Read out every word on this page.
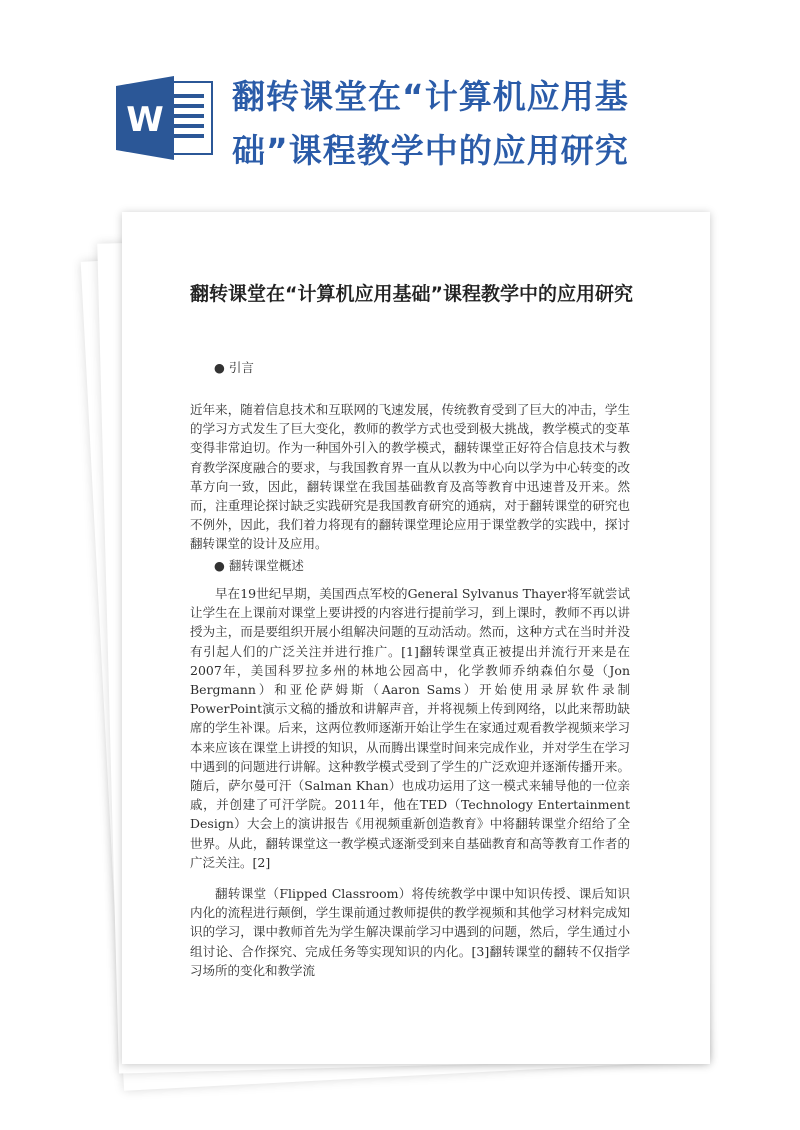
W
翻转课堂在“计算机应用基础”课程教学中的应用研究
翻转课堂在“计算机应用基础”课程教学中的应用研究
● 引言
近年来，随着信息技术和互联网的飞速发展，传统教育受到了巨大的冲击，学生的学习方式发生了巨大变化，教师的教学方式也受到极大挑战，教学模式的变革变得非常迫切。作为一种国外引入的教学模式，翻转课堂正好符合信息技术与教育教学深度融合的要求，与我国教育界一直从以教为中心向以学为中心转变的改革方向一致，因此，翻转课堂在我国基础教育及高等教育中迅速普及开来。然而，注重理论探讨缺乏实践研究是我国教育研究的通病，对于翻转课堂的研究也不例外，因此，我们着力将现有的翻转课堂理论应用于课堂教学的实践中，探讨翻转课堂的设计及应用。
● 翻转课堂概述
早在19世纪早期，美国西点军校的General Sylvanus Thayer将军就尝试让学生在上课前对课堂上要讲授的内容进行提前学习，到上课时，教师不再以讲授为主，而是要组织开展小组解决问题的互动活动。然而，这种方式在当时并没有引起人们的广泛关注并进行推广。[1]翻转课堂真正被提出并流行开来是在2007年，美国科罗拉多州的林地公园高中，化学教师乔纳森伯尔曼（Jon Bergmann）和亚伦萨姆斯（Aaron Sams）开始使用录屏软件录制PowerPoint演示文稿的播放和讲解声音，并将视频上传到网络，以此来帮助缺席的学生补课。后来，这两位教师逐渐开始让学生在家通过观看教学视频来学习本来应该在课堂上讲授的知识，从而腾出课堂时间来完成作业，并对学生在学习中遇到的问题进行讲解。这种教学模式受到了学生的广泛欢迎并逐渐传播开来。随后，萨尔曼可汗（Salman Khan）也成功运用了这一模式来辅导他的一位亲戚，并创建了可汗学院。2011年，他在TED（Technology Entertainment Design）大会上的演讲报告《用视频重新创造教育》中将翻转课堂介绍给了全世界。从此，翻转课堂这一教学模式逐渐受到来自基础教育和高等教育工作者的广泛关注。[2]
翻转课堂（Flipped Classroom）将传统教学中课中知识传授、课后知识内化的流程进行颠倒，学生课前通过教师提供的教学视频和其他学习材料完成知识的学习，课中教师首先为学生解决课前学习中遇到的问题，然后，学生通过小组讨论、合作探究、完成任务等实现知识的内化。[3]翻转课堂的翻转不仅指学习场所的变化和教学流
